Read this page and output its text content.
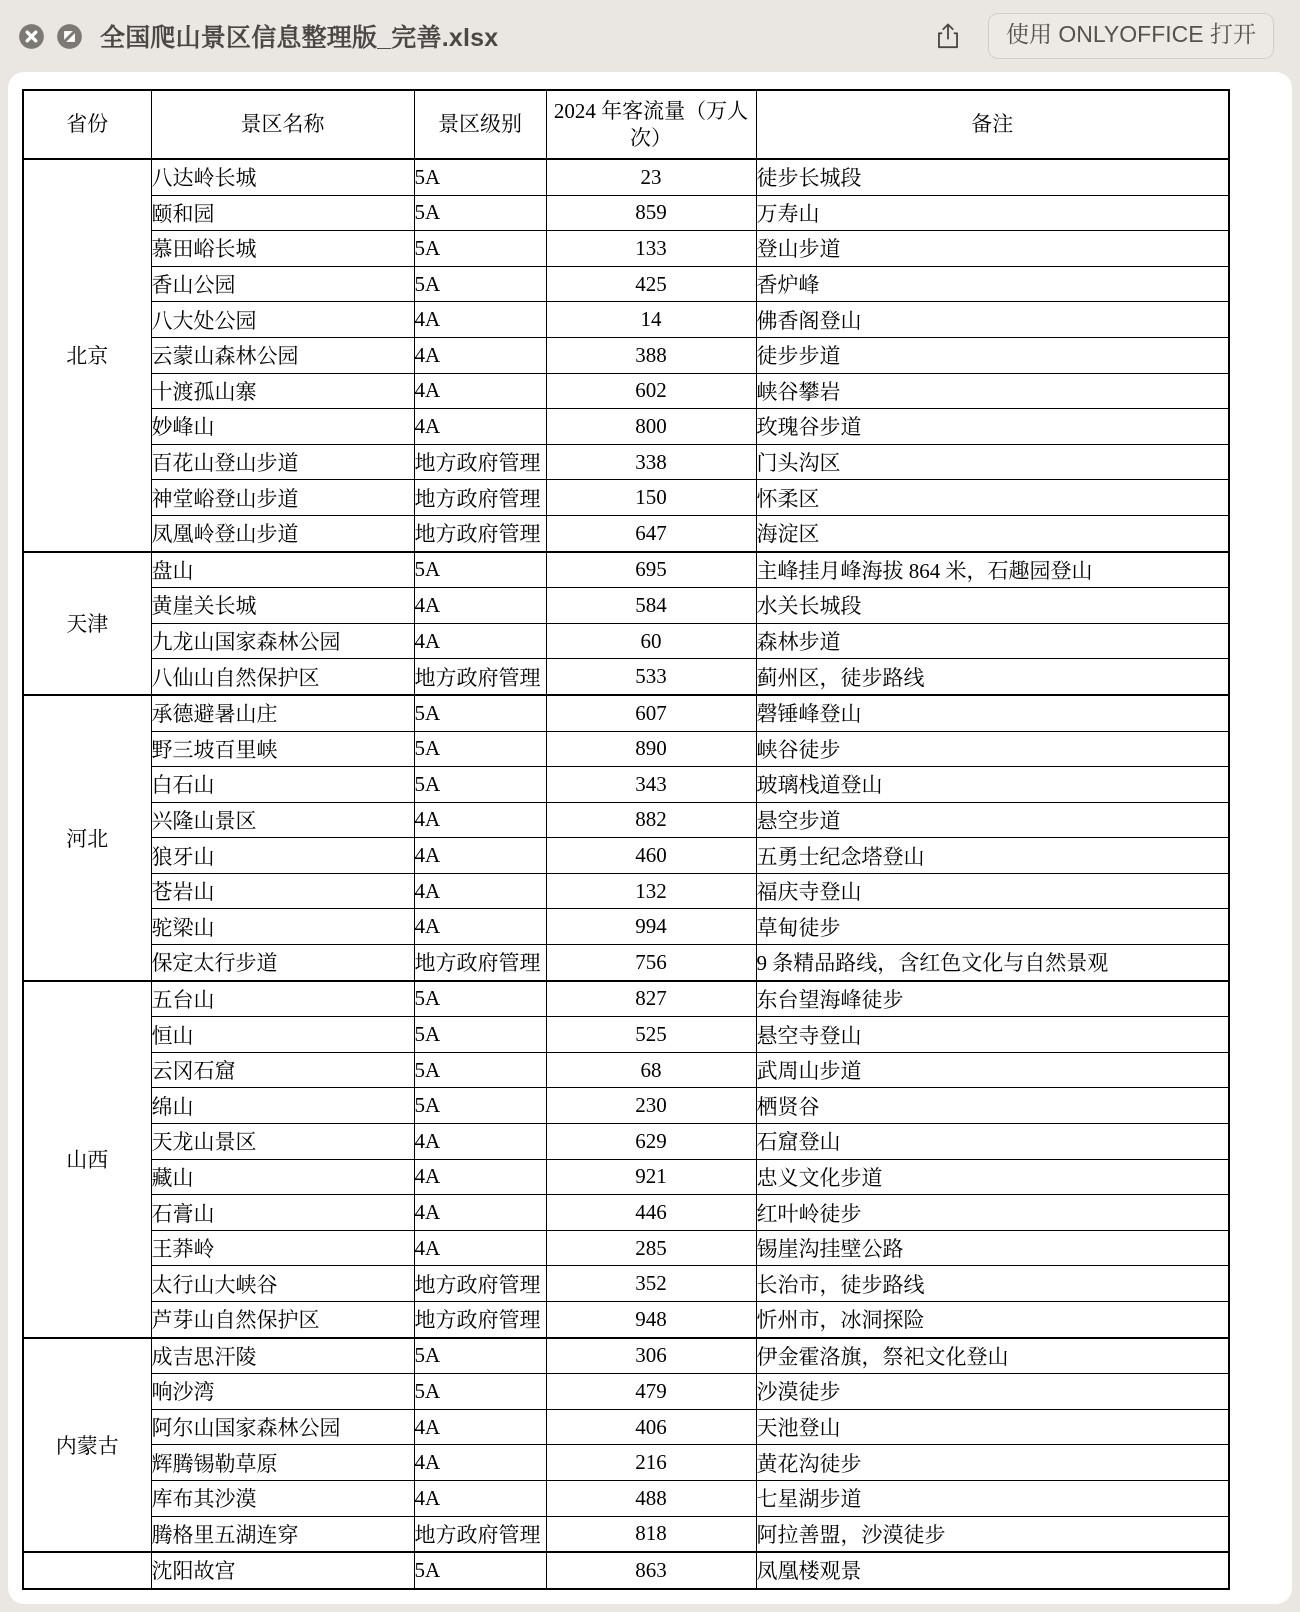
全国爬山景区信息整理版_完善.xlsx	使用 ONLYOFFICE 打开
省份	景区名称	景区级别	2024 年客流量（万人次）	备注
北京	八达岭长城	5A	23	徒步长城段
	颐和园	5A	859	万寿山
	慕田峪长城	5A	133	登山步道
	香山公园	5A	425	香炉峰
	八大处公园	4A	14	佛香阁登山
	云蒙山森林公园	4A	388	徒步步道
	十渡孤山寨	4A	602	峡谷攀岩
	妙峰山	4A	800	玫瑰谷步道
	百花山登山步道	地方政府管理	338	门头沟区
	神堂峪登山步道	地方政府管理	150	怀柔区
	凤凰岭登山步道	地方政府管理	647	海淀区
天津	盘山	5A	695	主峰挂月峰海拔 864 米，石趣园登山
	黄崖关长城	4A	584	水关长城段
	九龙山国家森林公园	4A	60	森林步道
	八仙山自然保护区	地方政府管理	533	蓟州区，徒步路线
河北	承德避暑山庄	5A	607	磬锤峰登山
	野三坡百里峡	5A	890	峡谷徒步
	白石山	5A	343	玻璃栈道登山
	兴隆山景区	4A	882	悬空步道
	狼牙山	4A	460	五勇士纪念塔登山
	苍岩山	4A	132	福庆寺登山
	驼梁山	4A	994	草甸徒步
	保定太行步道	地方政府管理	756	9 条精品路线，含红色文化与自然景观
山西	五台山	5A	827	东台望海峰徒步
	恒山	5A	525	悬空寺登山
	云冈石窟	5A	68	武周山步道
	绵山	5A	230	栖贤谷
	天龙山景区	4A	629	石窟登山
	藏山	4A	921	忠义文化步道
	石膏山	4A	446	红叶岭徒步
	王莽岭	4A	285	锡崖沟挂壁公路
	太行山大峡谷	地方政府管理	352	长治市，徒步路线
	芦芽山自然保护区	地方政府管理	948	忻州市，冰洞探险
内蒙古	成吉思汗陵	5A	306	伊金霍洛旗，祭祀文化登山
	响沙湾	5A	479	沙漠徒步
	阿尔山国家森林公园	4A	406	天池登山
	辉腾锡勒草原	4A	216	黄花沟徒步
	库布其沙漠	4A	488	七星湖步道
	腾格里五湖连穿	地方政府管理	818	阿拉善盟，沙漠徒步
	沈阳故宫	5A	863	凤凰楼观景
